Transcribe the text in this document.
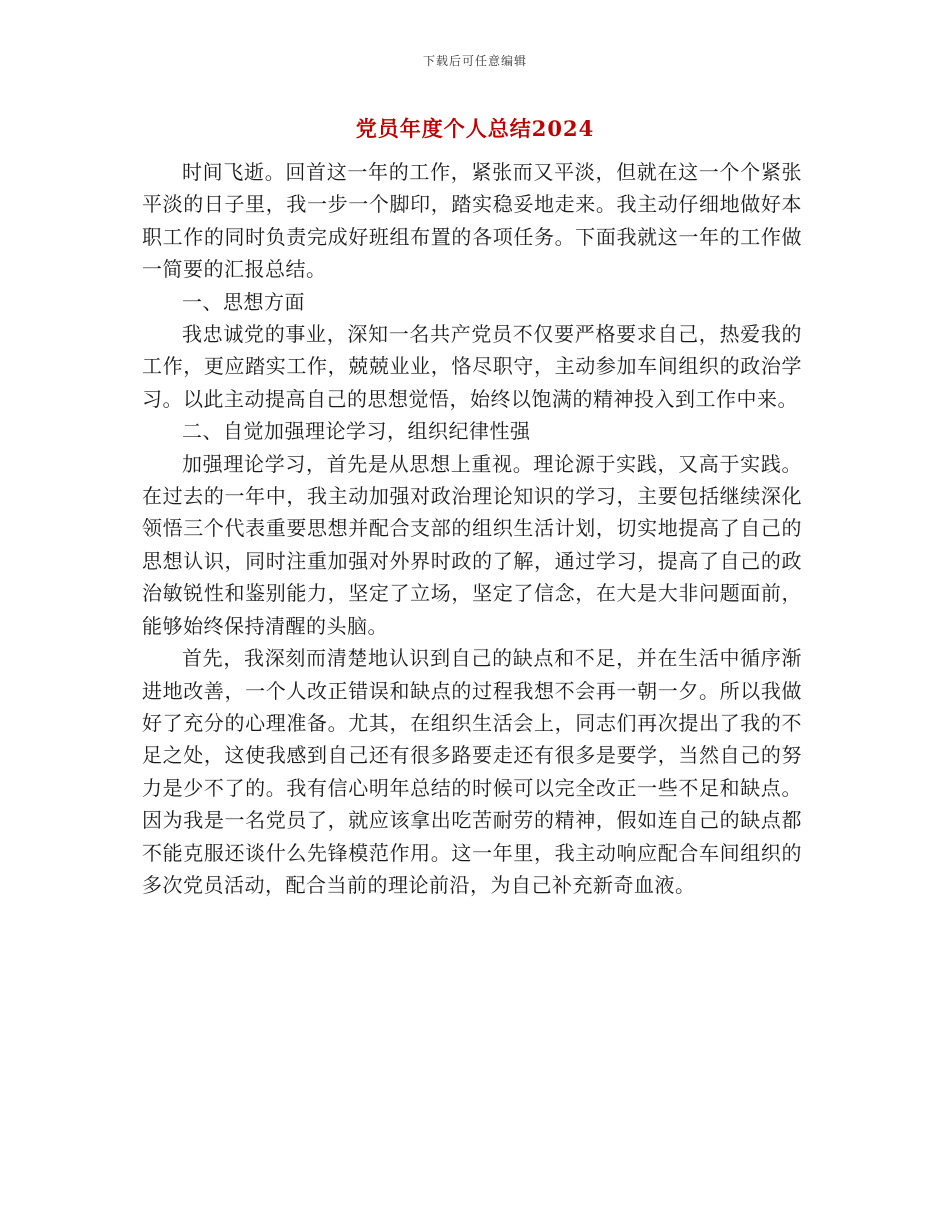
下载后可任意编辑
党员年度个人总结2024

时间飞逝。回首这一年的工作，紧张而又平淡，但就在这一个个紧张平淡的日子里，我一步一个脚印，踏实稳妥地走来。我主动仔细地做好本职工作的同时负责完成好班组布置的各项任务。下面我就这一年的工作做一简要的汇报总结。

一、思想方面

我忠诚党的事业，深知一名共产党员不仅要严格要求自己，热爱我的工作，更应踏实工作，兢兢业业，恪尽职守，主动参加车间组织的政治学习。以此主动提高自己的思想觉悟，始终以饱满的精神投入到工作中来。

二、自觉加强理论学习，组织纪律性强

加强理论学习，首先是从思想上重视。理论源于实践，又高于实践。在过去的一年中，我主动加强对政治理论知识的学习，主要包括继续深化领悟三个代表重要思想并配合支部的组织生活计划，切实地提高了自己的思想认识，同时注重加强对外界时政的了解，通过学习，提高了自己的政治敏锐性和鉴别能力，坚定了立场，坚定了信念，在大是大非问题面前，能够始终保持清醒的头脑。

首先，我深刻而清楚地认识到自己的缺点和不足，并在生活中循序渐进地改善，一个人改正错误和缺点的过程我想不会再一朝一夕。所以我做好了充分的心理准备。尤其，在组织生活会上，同志们再次提出了我的不足之处，这使我感到自己还有很多路要走还有很多是要学，当然自己的努力是少不了的。我有信心明年总结的时候可以完全改正一些不足和缺点。因为我是一名党员了，就应该拿出吃苦耐劳的精神，假如连自己的缺点都不能克服还谈什么先锋模范作用。这一年里，我主动响应配合车间组织的多次党员活动，配合当前的理论前沿，为自己补充新奇血液。
